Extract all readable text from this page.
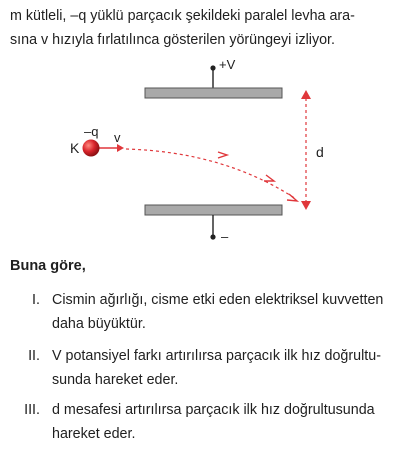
m kütleli, –q yüklü parçacık şekildeki paralel levha ara-
sına v hızıyla fırlatılınca gösterilen yörüngeyi izliyor.
+V
–
–q
K
v
d
Buna göre,
I. Cismin ağırlığı, cisme etki eden elektriksel kuvvetten
daha büyüktür.
II. V potansiyel farkı artırılırsa parçacık ilk hız doğrultu-
sunda hareket eder.
III. d mesafesi artırılırsa parçacık ilk hız doğrultusunda
hareket eder.
